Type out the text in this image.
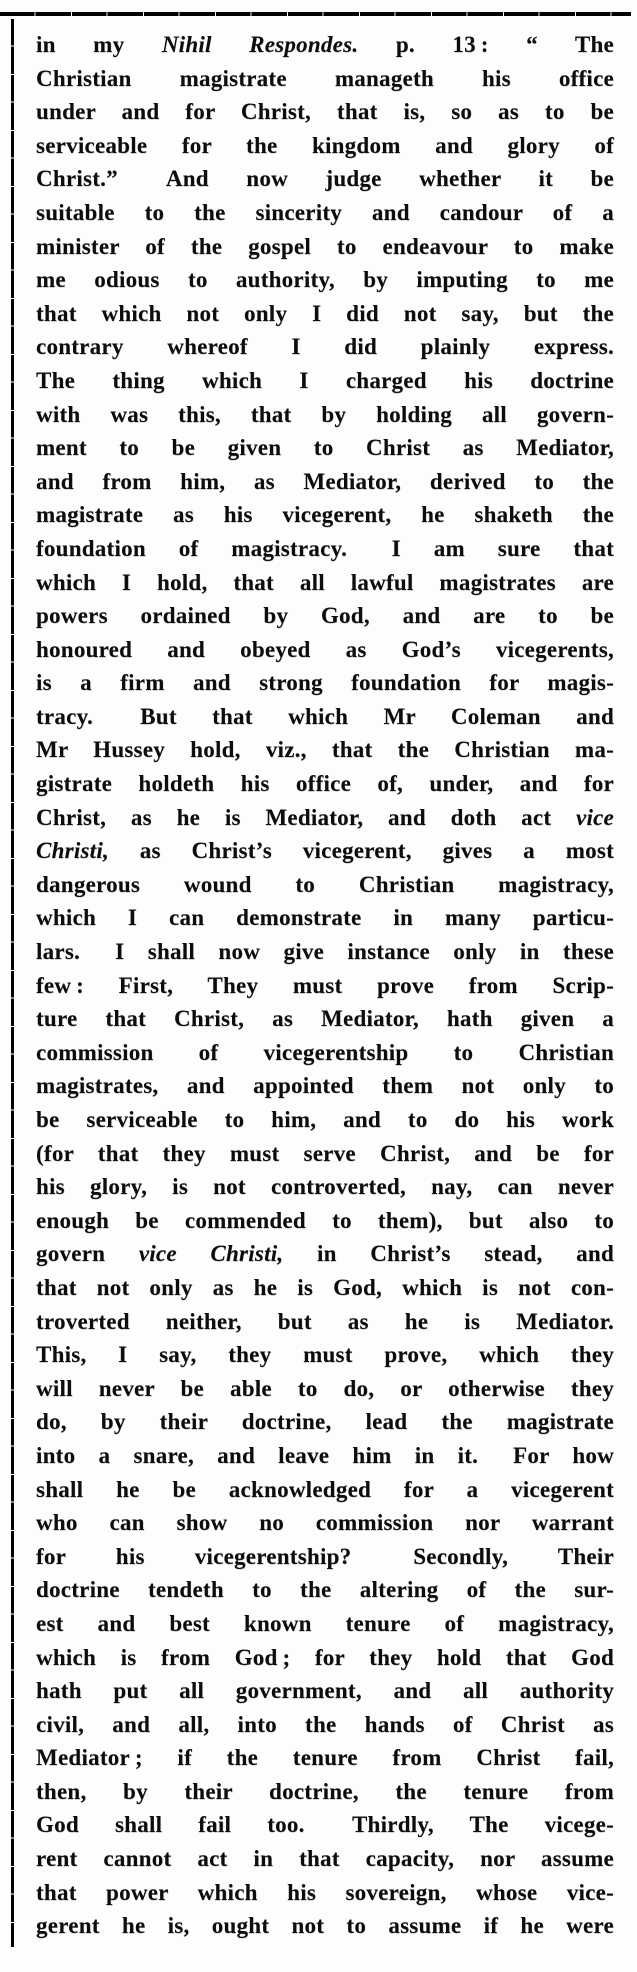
in my Nihil Respondes. p. 13 : “ The
Christian magistrate manageth his office
under and for Christ, that is, so as to be
serviceable for the kingdom and glory of
Christ.”  And now judge whether it be
suitable to the sincerity and candour of a
minister of the gospel to endeavour to make
me odious to authority, by imputing to me
that which not only I did not say, but the
contrary whereof I did plainly express.
The thing which I charged his doctrine
with was this, that by holding all govern-
ment to be given to Christ as Mediator,
and from him, as Mediator, derived to the
magistrate as his vicegerent, he shaketh the
foundation of magistracy.  I am sure that
which I hold, that all lawful magistrates are
powers ordained by God, and are to be
honoured and obeyed as God’s vicegerents,
is a firm and strong foundation for magis-
tracy.  But that which Mr Coleman and
Mr Hussey hold, viz., that the Christian ma-
gistrate holdeth his office of, under, and for
Christ, as he is Mediator, and doth act vice
Christi, as Christ’s vicegerent, gives a most
dangerous wound to Christian magistracy,
which I can demonstrate in many particu-
lars.  I shall now give instance only in these
few : First, They must prove from Scrip-
ture that Christ, as Mediator, hath given a
commission of vicegerentship to Christian
magistrates, and appointed them not only to
be serviceable to him, and to do his work
(for that they must serve Christ, and be for
his glory, is not controverted, nay, can never
enough be commended to them), but also to
govern vice Christi, in Christ’s stead, and
that not only as he is God, which is not con-
troverted neither, but as he is Mediator.
This, I say, they must prove, which they
will never be able to do, or otherwise they
do, by their doctrine, lead the magistrate
into a snare, and leave him in it.  For how
shall he be acknowledged for a vicegerent
who can show no commission nor warrant
for his vicegerentship?  Secondly, Their
doctrine tendeth to the altering of the sur-
est and best known tenure of magistracy,
which is from God ; for they hold that God
hath put all government, and all authority
civil, and all, into the hands of Christ as
Mediator ; if the tenure from Christ fail,
then, by their doctrine, the tenure from
God shall fail too.  Thirdly, The vicege-
rent cannot act in that capacity, nor assume
that power which his sovereign, whose vice-
gerent he is, ought not to assume if he were
